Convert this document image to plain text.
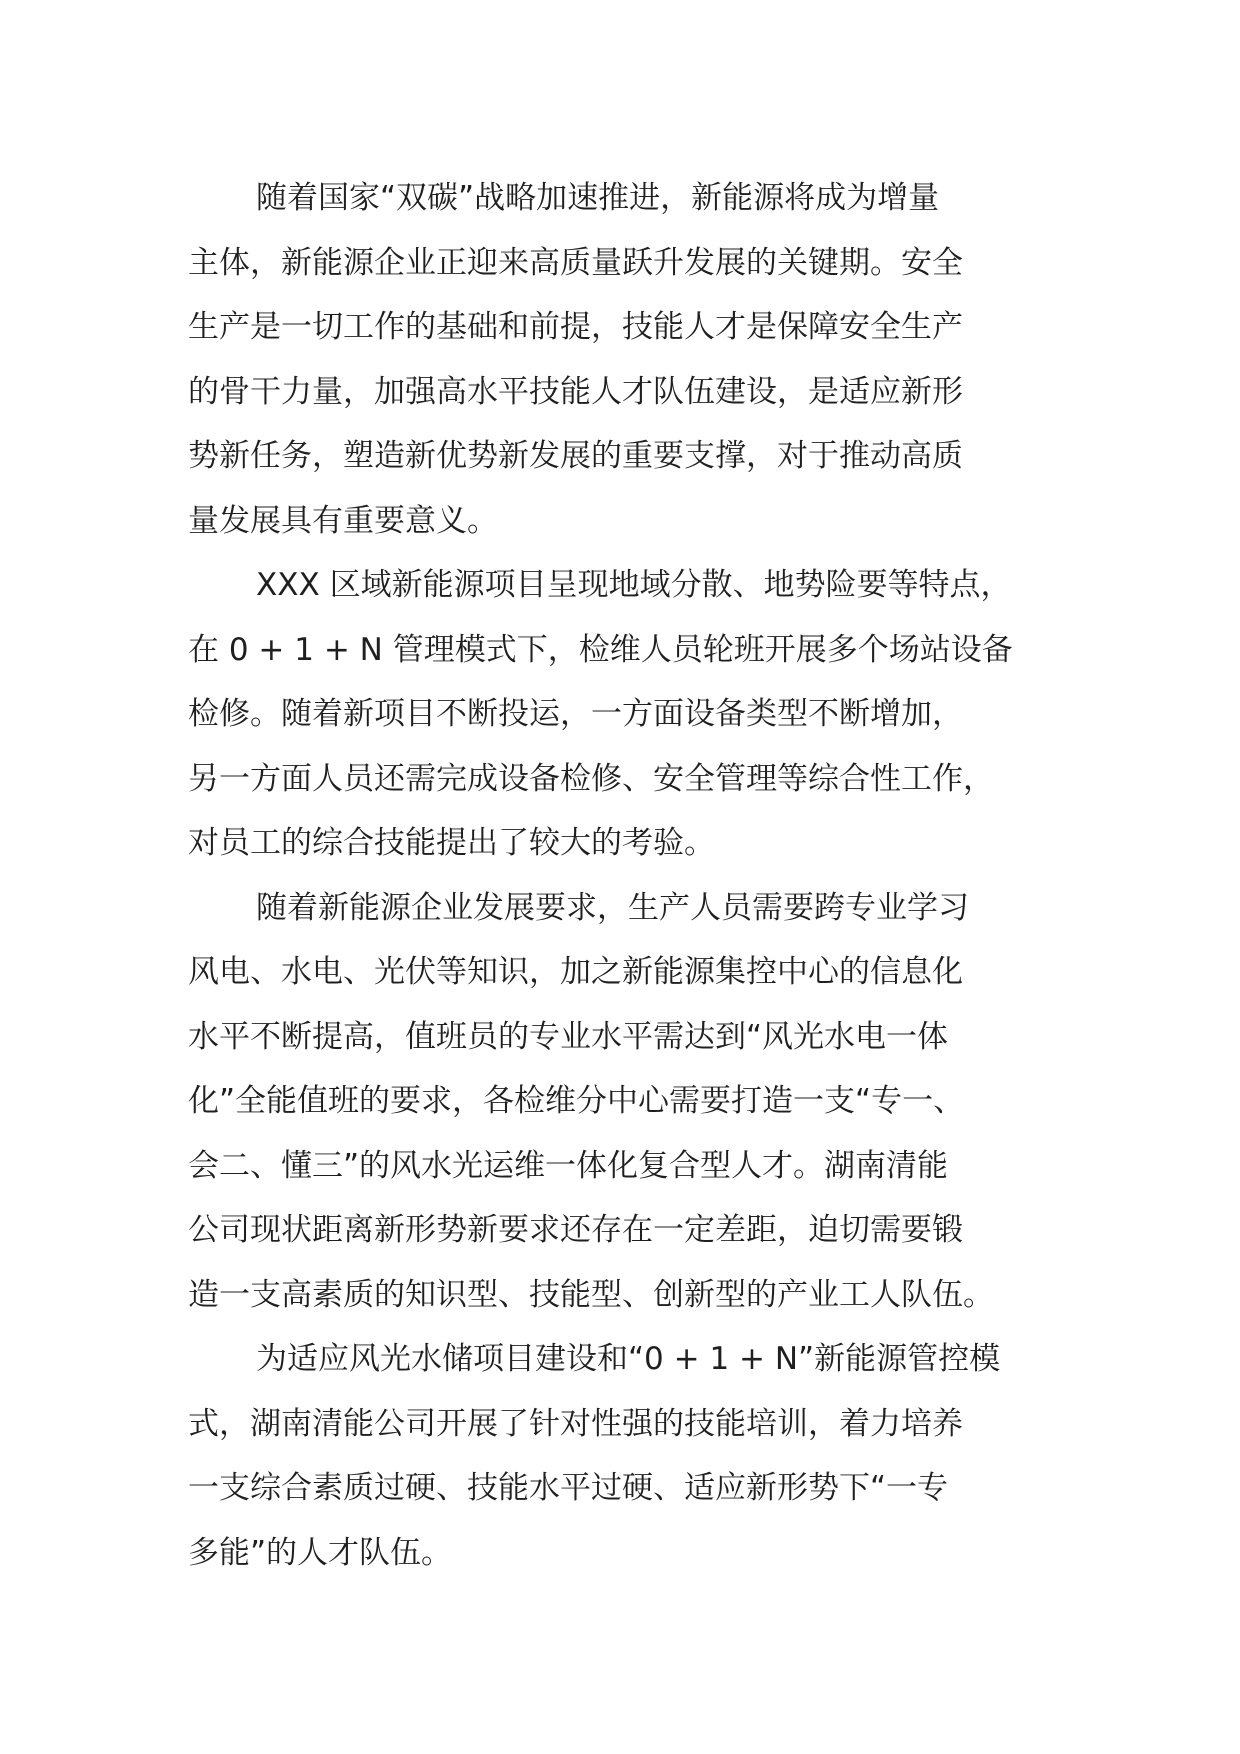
随着国家“双碳”战略加速推进，新能源将成为增量
主体，新能源企业正迎来高质量跃升发展的关键期。安全
生产是一切工作的基础和前提，技能人才是保障安全生产
的骨干力量，加强高水平技能人才队伍建设，是适应新形
势新任务，塑造新优势新发展的重要支撑，对于推动高质
量发展具有重要意义。

XXX 区域新能源项目呈现地域分散、地势险要等特点，
在 0 + 1 + N 管理模式下，检维人员轮班开展多个场站设备
检修。随着新项目不断投运，一方面设备类型不断增加，
另一方面人员还需完成设备检修、安全管理等综合性工作，
对员工的综合技能提出了较大的考验。

随着新能源企业发展要求，生产人员需要跨专业学习
风电、水电、光伏等知识，加之新能源集控中心的信息化
水平不断提高，值班员的专业水平需达到“风光水电一体
化”全能值班的要求，各检维分中心需要打造一支“专一、
会二、懂三”的风水光运维一体化复合型人才。湖南清能
公司现状距离新形势新要求还存在一定差距，迫切需要锻
造一支高素质的知识型、技能型、创新型的产业工人队伍。

为适应风光水储项目建设和“0 + 1 + N”新能源管控模
式，湖南清能公司开展了针对性强的技能培训，着力培养
一支综合素质过硬、技能水平过硬、适应新形势下“一专
多能”的人才队伍。
